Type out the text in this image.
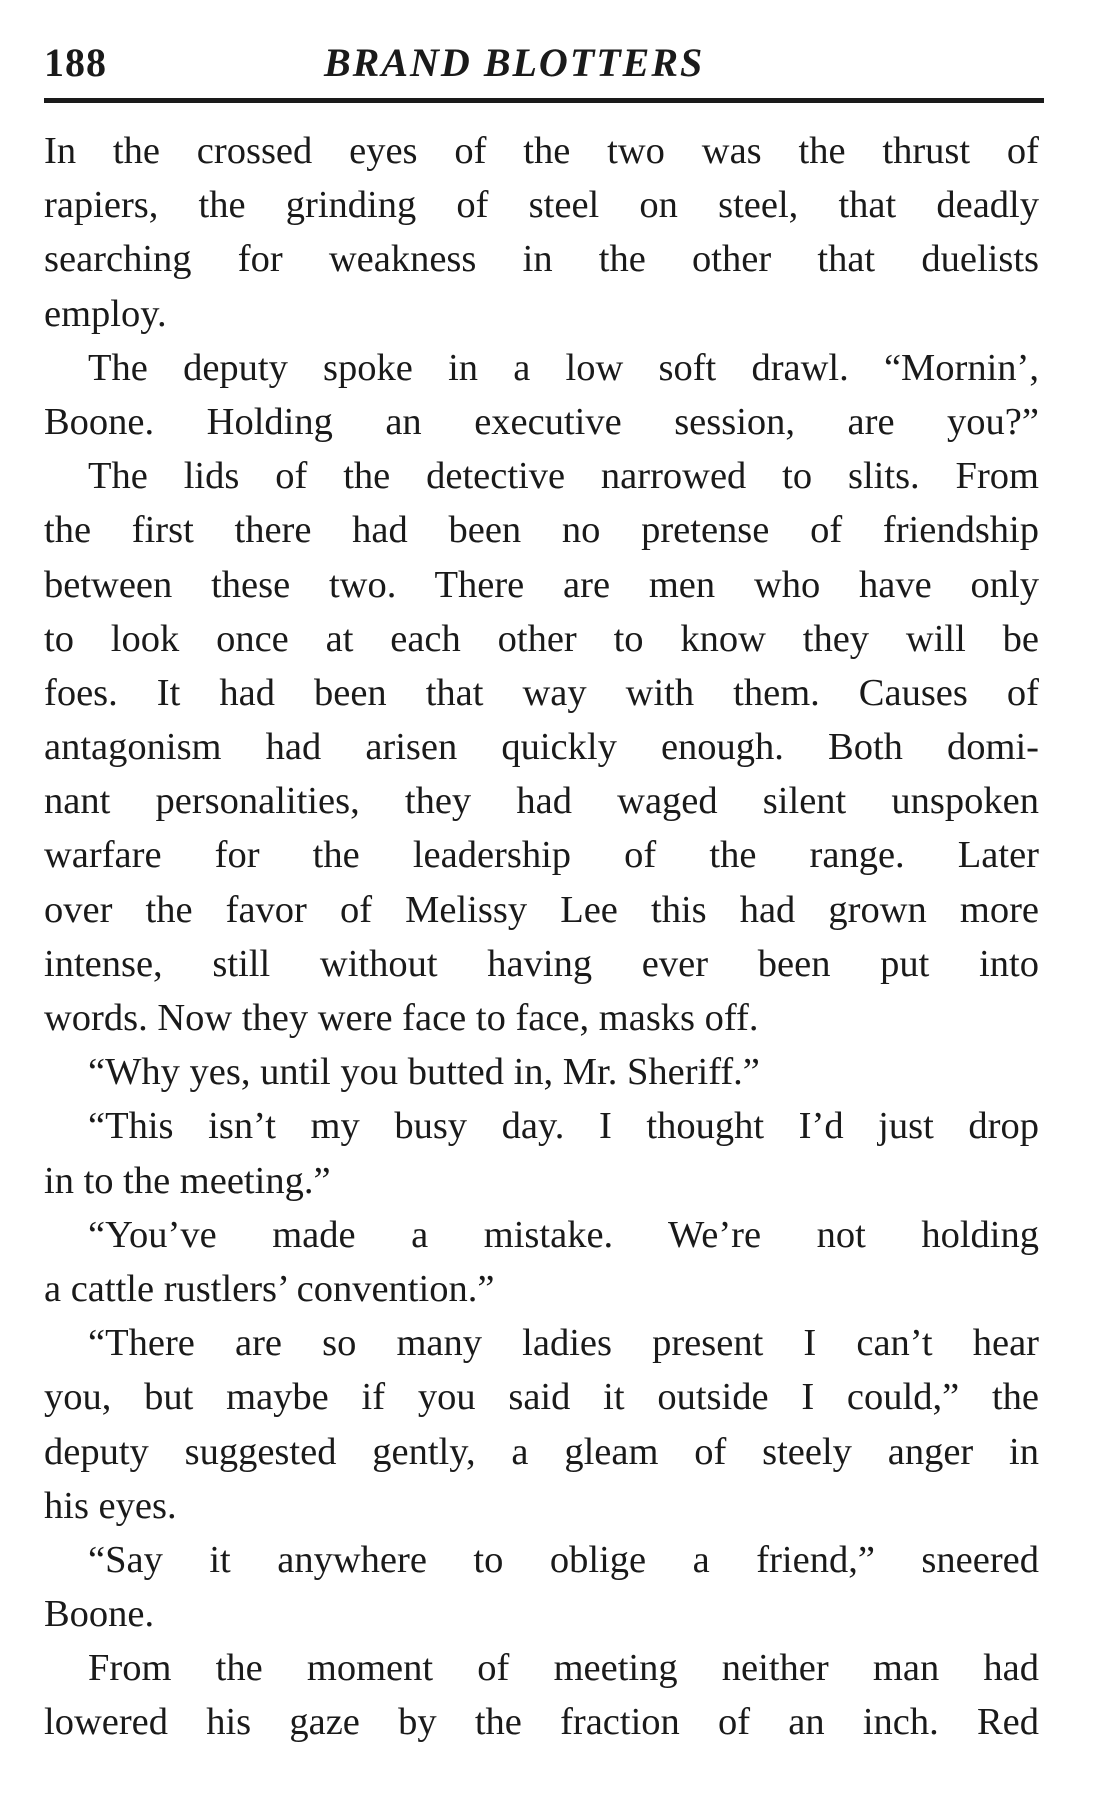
188	BRAND BLOTTERS
In the crossed eyes of the two was the thrust of
rapiers, the grinding of steel on steel, that deadly
searching for weakness in the other that duelists
employ.
The deputy spoke in a low soft drawl. “Mornin’,
Boone. Holding an executive session, are you?”
The lids of the detective narrowed to slits. From
the first there had been no pretense of friendship
between these two. There are men who have only
to look once at each other to know they will be
foes. It had been that way with them. Causes of
antagonism had arisen quickly enough. Both domi-
nant personalities, they had waged silent unspoken
warfare for the leadership of the range. Later
over the favor of Melissy Lee this had grown more
intense, still without having ever been put into
words. Now they were face to face, masks off.
“Why yes, until you butted in, Mr. Sheriff.”
“This isn’t my busy day. I thought I’d just drop
in to the meeting.”
“You’ve made a mistake. We’re not holding
a cattle rustlers’ convention.”
“There are so many ladies present I can’t hear
you, but maybe if you said it outside I could,” the
deputy suggested gently, a gleam of steely anger in
his eyes.
“Say it anywhere to oblige a friend,” sneered
Boone.
From the moment of meeting neither man had
lowered his gaze by the fraction of an inch. Red
